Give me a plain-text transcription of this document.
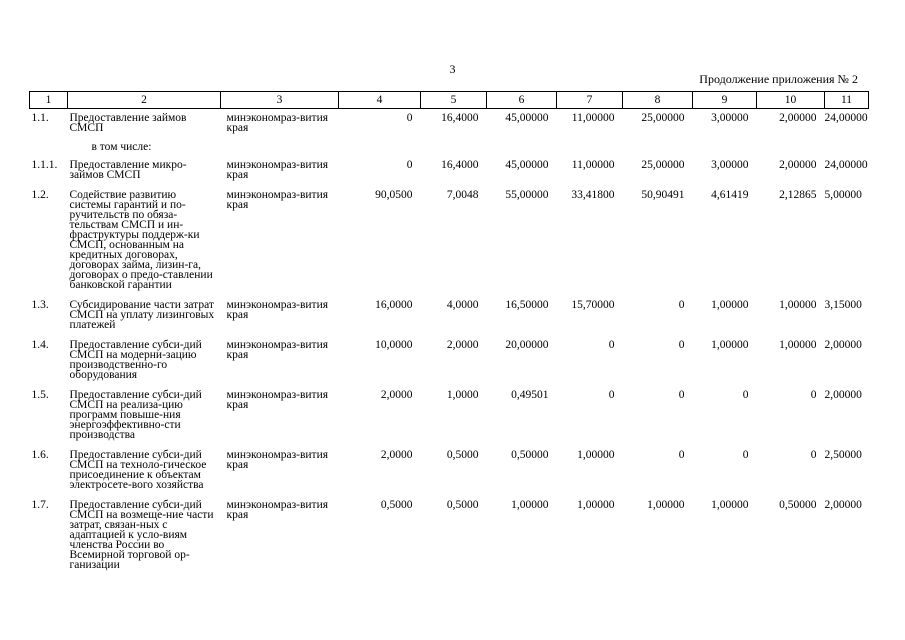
3
Продолжение приложения № 2
1	2	3	4	5	6	7	8	9	10	11
1.1.	Предоставление займов СМСП	минэкономраз-вития края	0	16,4000	45,00000	11,00000	25,00000	3,00000	2,00000	24,00000
	в том числе:									
1.1.1.	Предоставление микро-займов СМСП	минэкономраз-вития края	0	16,4000	45,00000	11,00000	25,00000	3,00000	2,00000	24,00000
1.2.	Содействие развитию системы гарантий и по-ручительств по обяза-тельствам СМСП и ин-фраструктуры поддерж-ки СМСП, основанным на кредитных договорах, договорах займа, лизин-га, договорах о предо-ставлении банковской гарантии	минэкономраз-вития края	90,0500	7,0048	55,00000	33,41800	50,90491	4,61419	2,12865	5,00000
1.3.	Субсидирование части затрат СМСП на уплату лизинговых платежей	минэкономраз-вития края	16,0000	4,0000	16,50000	15,70000	0	1,00000	1,00000	3,15000
1.4.	Предоставление субси-дий СМСП на модерни-зацию производственно-го оборудования	минэкономраз-вития края	10,0000	2,0000	20,00000	0	0	1,00000	1,00000	2,00000
1.5.	Предоставление субси-дий СМСП на реализа-цию программ повыше-ния энергоэффективно-сти производства	минэкономраз-вития края	2,0000	1,0000	0,49501	0	0	0	0	2,00000
1.6.	Предоставление субси-дий СМСП на техноло-гическое присоединение к объектам электросете-вого хозяйства	минэкономраз-вития края	2,0000	0,5000	0,50000	1,00000	0	0	0	2,50000
1.7.	Предоставление субси-дий СМСП на возмеще-ние части затрат, связан-ных с адаптацией к усло-виям членства России во Всемирной торговой ор-ганизации	минэкономраз-вития края	0,5000	0,5000	1,00000	1,00000	1,00000	1,00000	0,50000	2,00000
